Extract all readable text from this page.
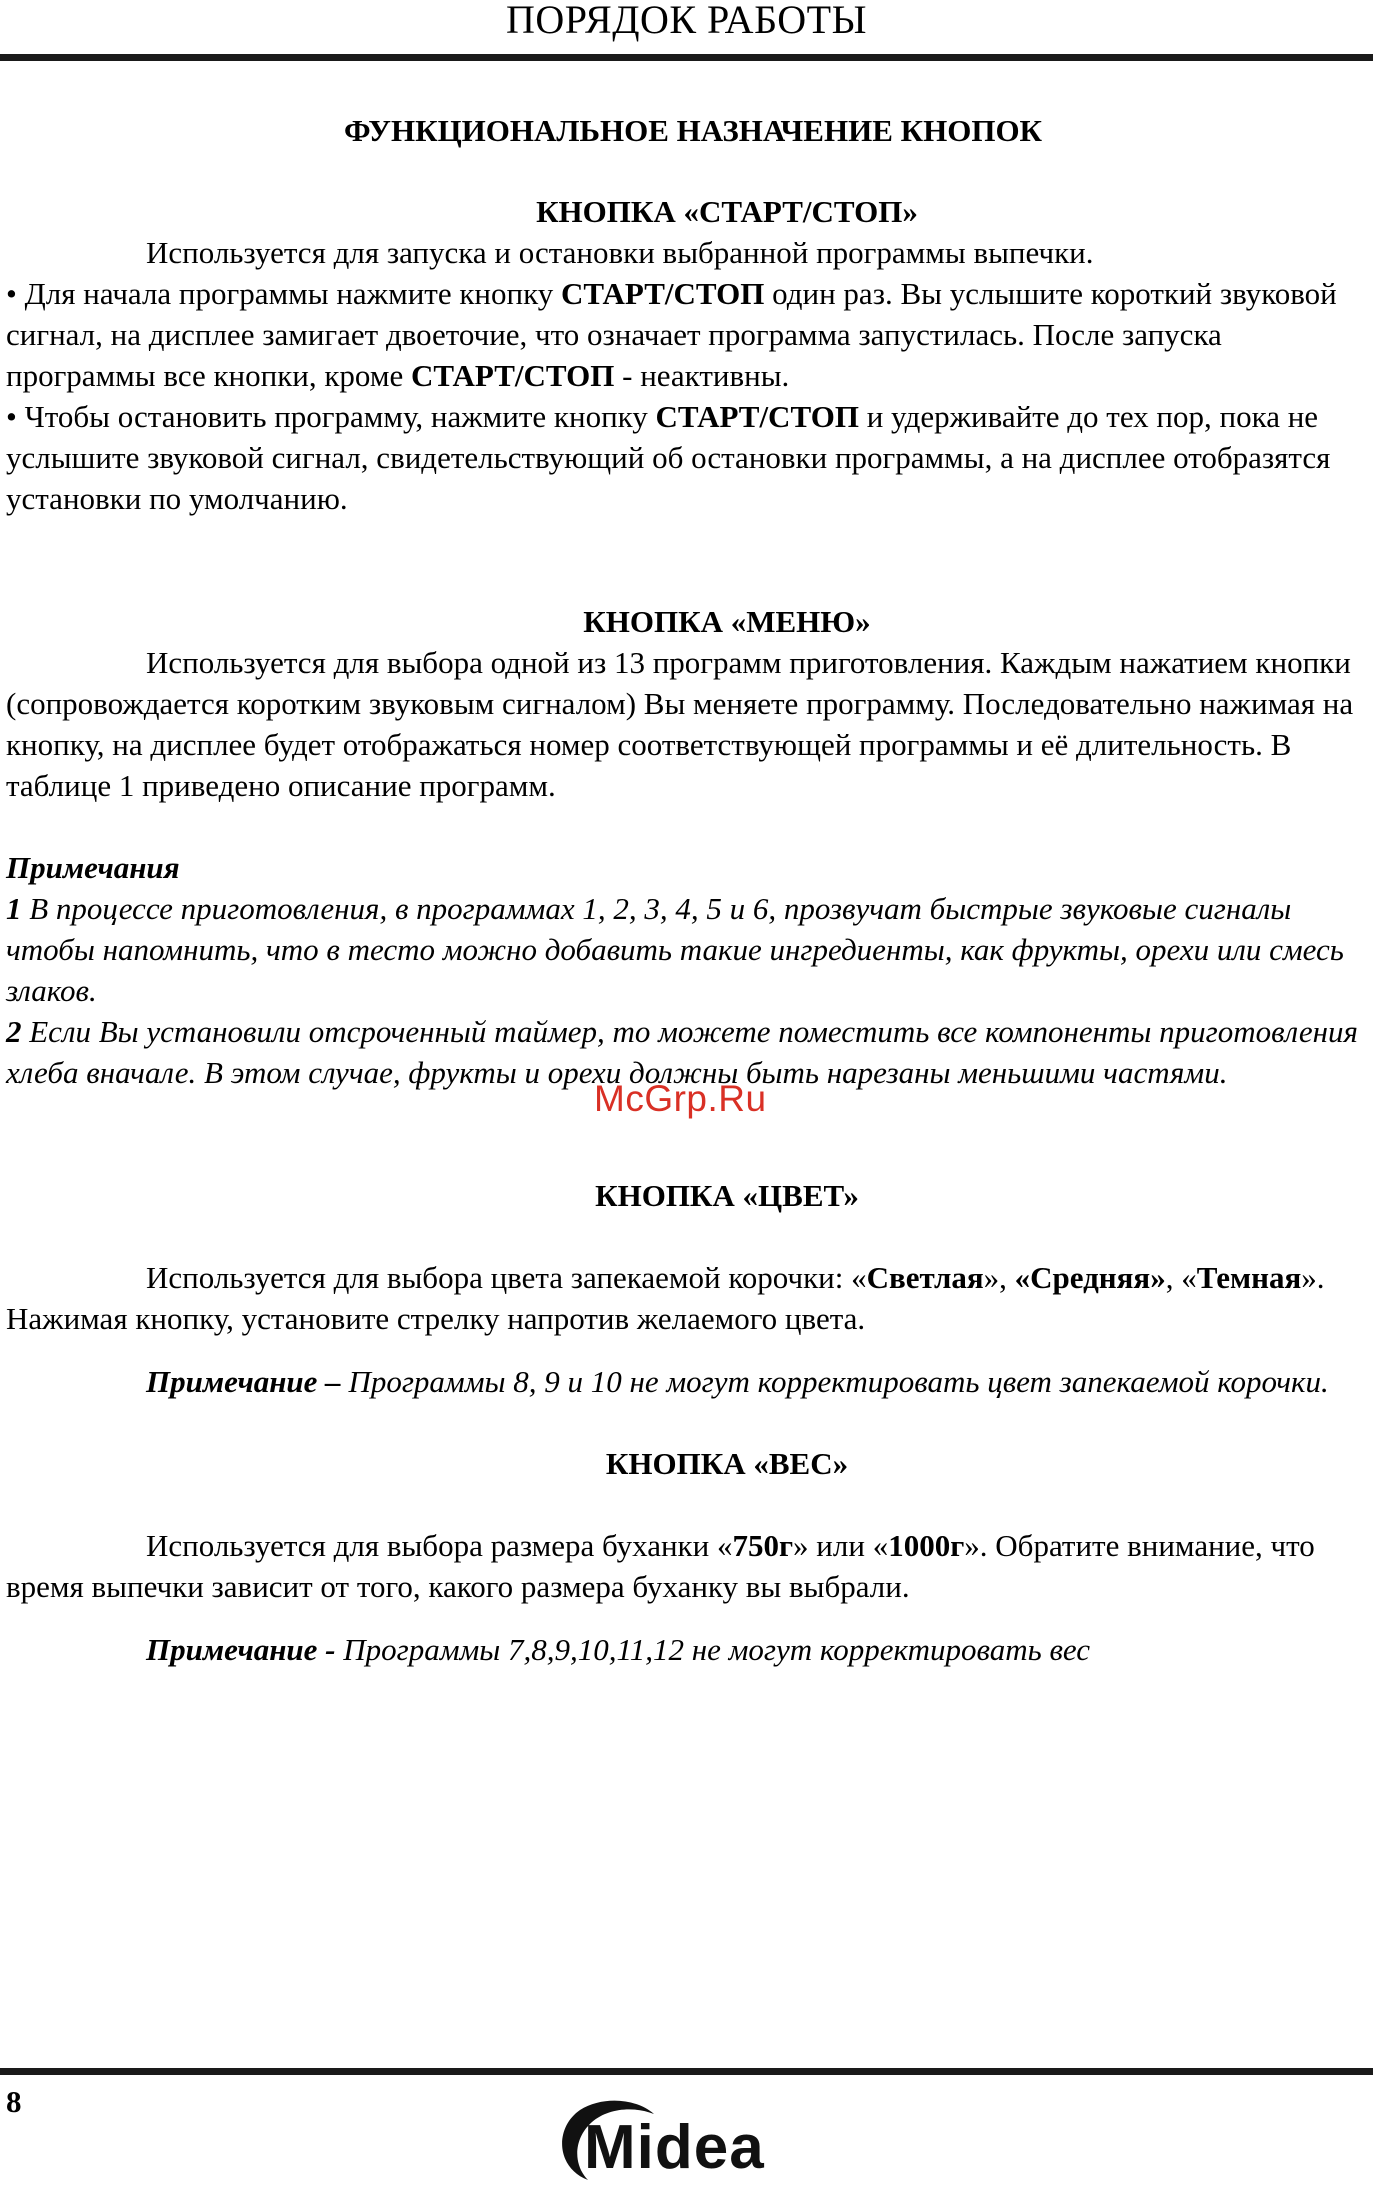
ПОРЯДОК РАБОТЫ
ФУНКЦИОНАЛЬНОЕ НАЗНАЧЕНИЕ КНОПОК
КНОПКА «СТАРТ/СТОП»

Используется для запуска и остановки выбранной программы выпечки.

• Для начала программы нажмите кнопку СТАРТ/СТОП один раз. Вы услышите короткий звуковой сигнал, на дисплее замигает двоеточие, что означает программа запустилась. После запуска программы все кнопки, кроме СТАРТ/СТОП - неактивны.

• Чтобы остановить программу, нажмите кнопку СТАРТ/СТОП и удерживайте до тех пор, пока не услышите звуковой сигнал, свидетельствующий об остановки программы, а на дисплее отобразятся установки по умолчанию.

КНОПКА «МЕНЮ»

Используется для выбора одной из 13 программ приготовления. Каждым нажатием кнопки (сопровождается коротким звуковым сигналом) Вы меняете программу. Последовательно нажимая на кнопку, на дисплее будет отображаться номер соответствующей программы и её длительность. В таблице 1 приведено описание программ.

Примечания

1 В процессе приготовления, в программах 1, 2, 3, 4, 5 и 6, прозвучат быстрые звуковые сигналы чтобы напомнить, что в тесто можно добавить такие ингредиенты, как фрукты, орехи или смесь злаков.

2 Если Вы установили отсроченный таймер, то можете поместить все компоненты приготовления хлеба вначале. В этом случае, фрукты и орехи должны быть нарезаны меньшими частями.

КНОПКА «ЦВЕТ»

Используется для выбора цвета запекаемой корочки: «Светлая», «Средняя», «Темная». Нажимая кнопку, установите стрелку напротив желаемого цвета.

Примечание – Программы 8, 9 и 10 не могут корректировать цвет запекаемой корочки.

КНОПКА «ВЕС»

Используется для выбора размера буханки «750г» или «1000г». Обратите внимание, что время выпечки зависит от того, какого размера буханку вы выбрали.

Примечание - Программы 7,8,9,10,11,12 не могут корректировать вес

McGrp.Ru
8
Midea
